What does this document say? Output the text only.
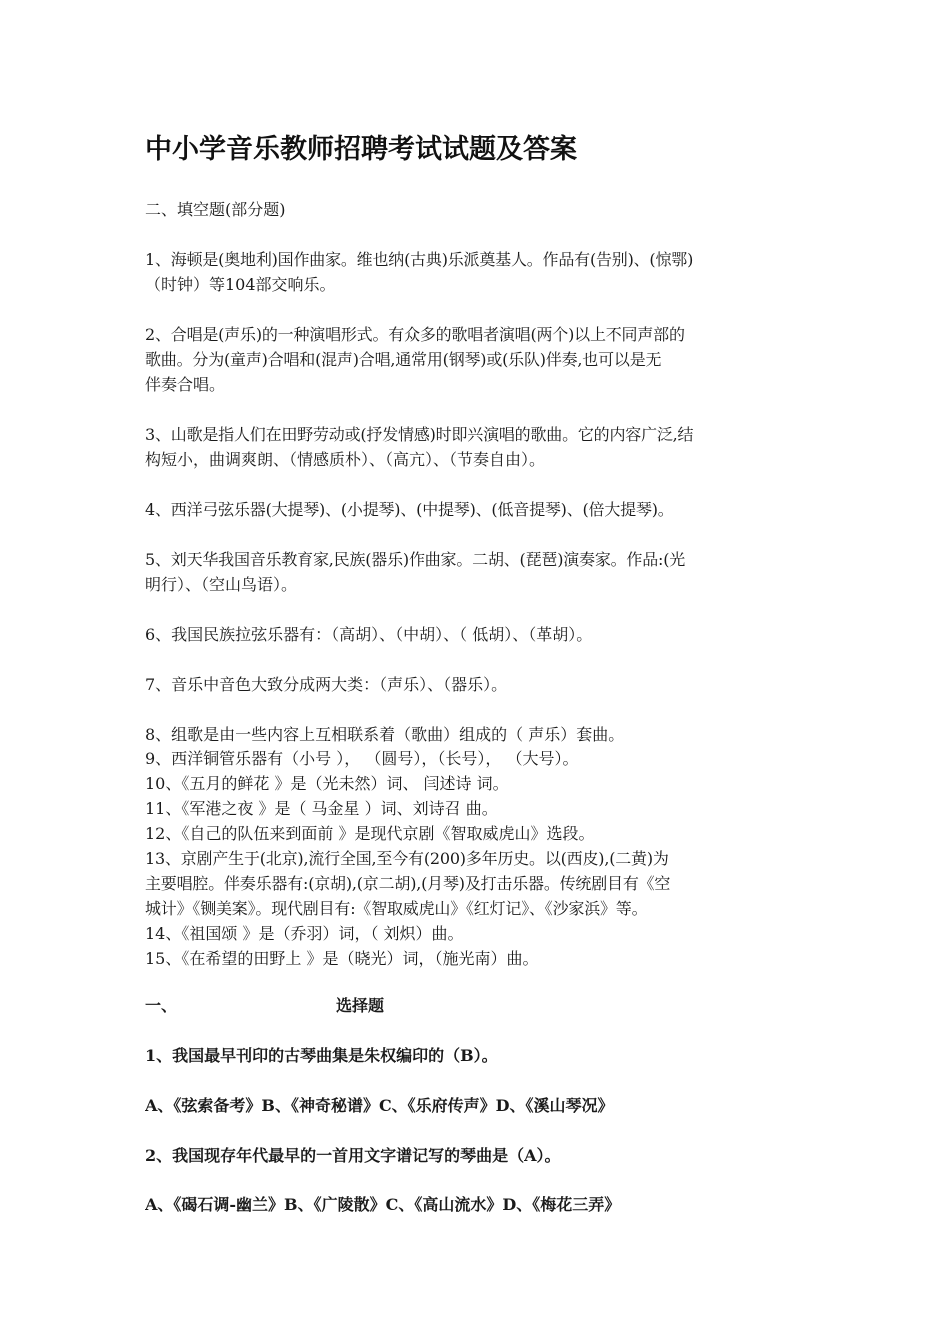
中小学音乐教师招聘考试试题及答案
二、填空题(部分题)
1、海顿是(奥地利)国作曲家。维也纳(古典)乐派奠基人。作品有(告别)、(惊鄂)
（时钟）等104部交响乐。
2、合唱是(声乐)的一种演唱形式。有众多的歌唱者演唱(两个)以上不同声部的
歌曲。分为(童声)合唱和(混声)合唱,通常用(钢琴)或(乐队)伴奏,也可以是无
伴奏合唱。
3、山歌是指人们在田野劳动或(抒发情感)时即兴演唱的歌曲。它的内容广泛,结
构短小，曲调爽朗、（情感质朴）、（高亢）、（节奏自由）。
4、西洋弓弦乐器(大提琴)、(小提琴)、(中提琴)、(低音提琴)、(倍大提琴)。
5、刘天华我国音乐教育家,民族(器乐)作曲家。二胡、(琵琶)演奏家。作品:(光
明行）、（空山鸟语）。
6、我国民族拉弦乐器有：（高胡）、（中胡）、（ 低胡）、（革胡）。
7、音乐中音色大致分成两大类：（声乐）、（器乐）。
8、组歌是由一些内容上互相联系着（歌曲）组成的（ 声乐）套曲。
9、西洋铜管乐器有（小号 ）， （圆号），（长号）， （大号）。
10、《五月的鲜花 》是（光未然）词、 闫述诗 词。
11、《军港之夜 》是（ 马金星 ）词、刘诗召 曲。
12、《自己的队伍来到面前 》是现代京剧《智取威虎山》选段。
13、京剧产生于(北京),流行全国,至今有(200)多年历史。以(西皮),(二黄)为
主要唱腔。伴奏乐器有:(京胡),(京二胡),(月琴)及打击乐器。传统剧目有《空
城计》《铡美案》。现代剧目有:《智取威虎山》《红灯记》、《沙家浜》等。
14、《祖国颂 》是（乔羽）词，（ 刘炽）曲。
15、《在希望的田野上 》是（晓光）词，（施光南）曲。
一、	选择题
1、我国最早刊印的古琴曲集是朱权编印的（B）。
A、《弦索备考》B、《神奇秘谱》C、《乐府传声》D、《溪山琴况》
2、我国现存年代最早的一首用文字谱记写的琴曲是（A）。
A、《碣石调-幽兰》B、《广陵散》C、《高山流水》D、《梅花三弄》
